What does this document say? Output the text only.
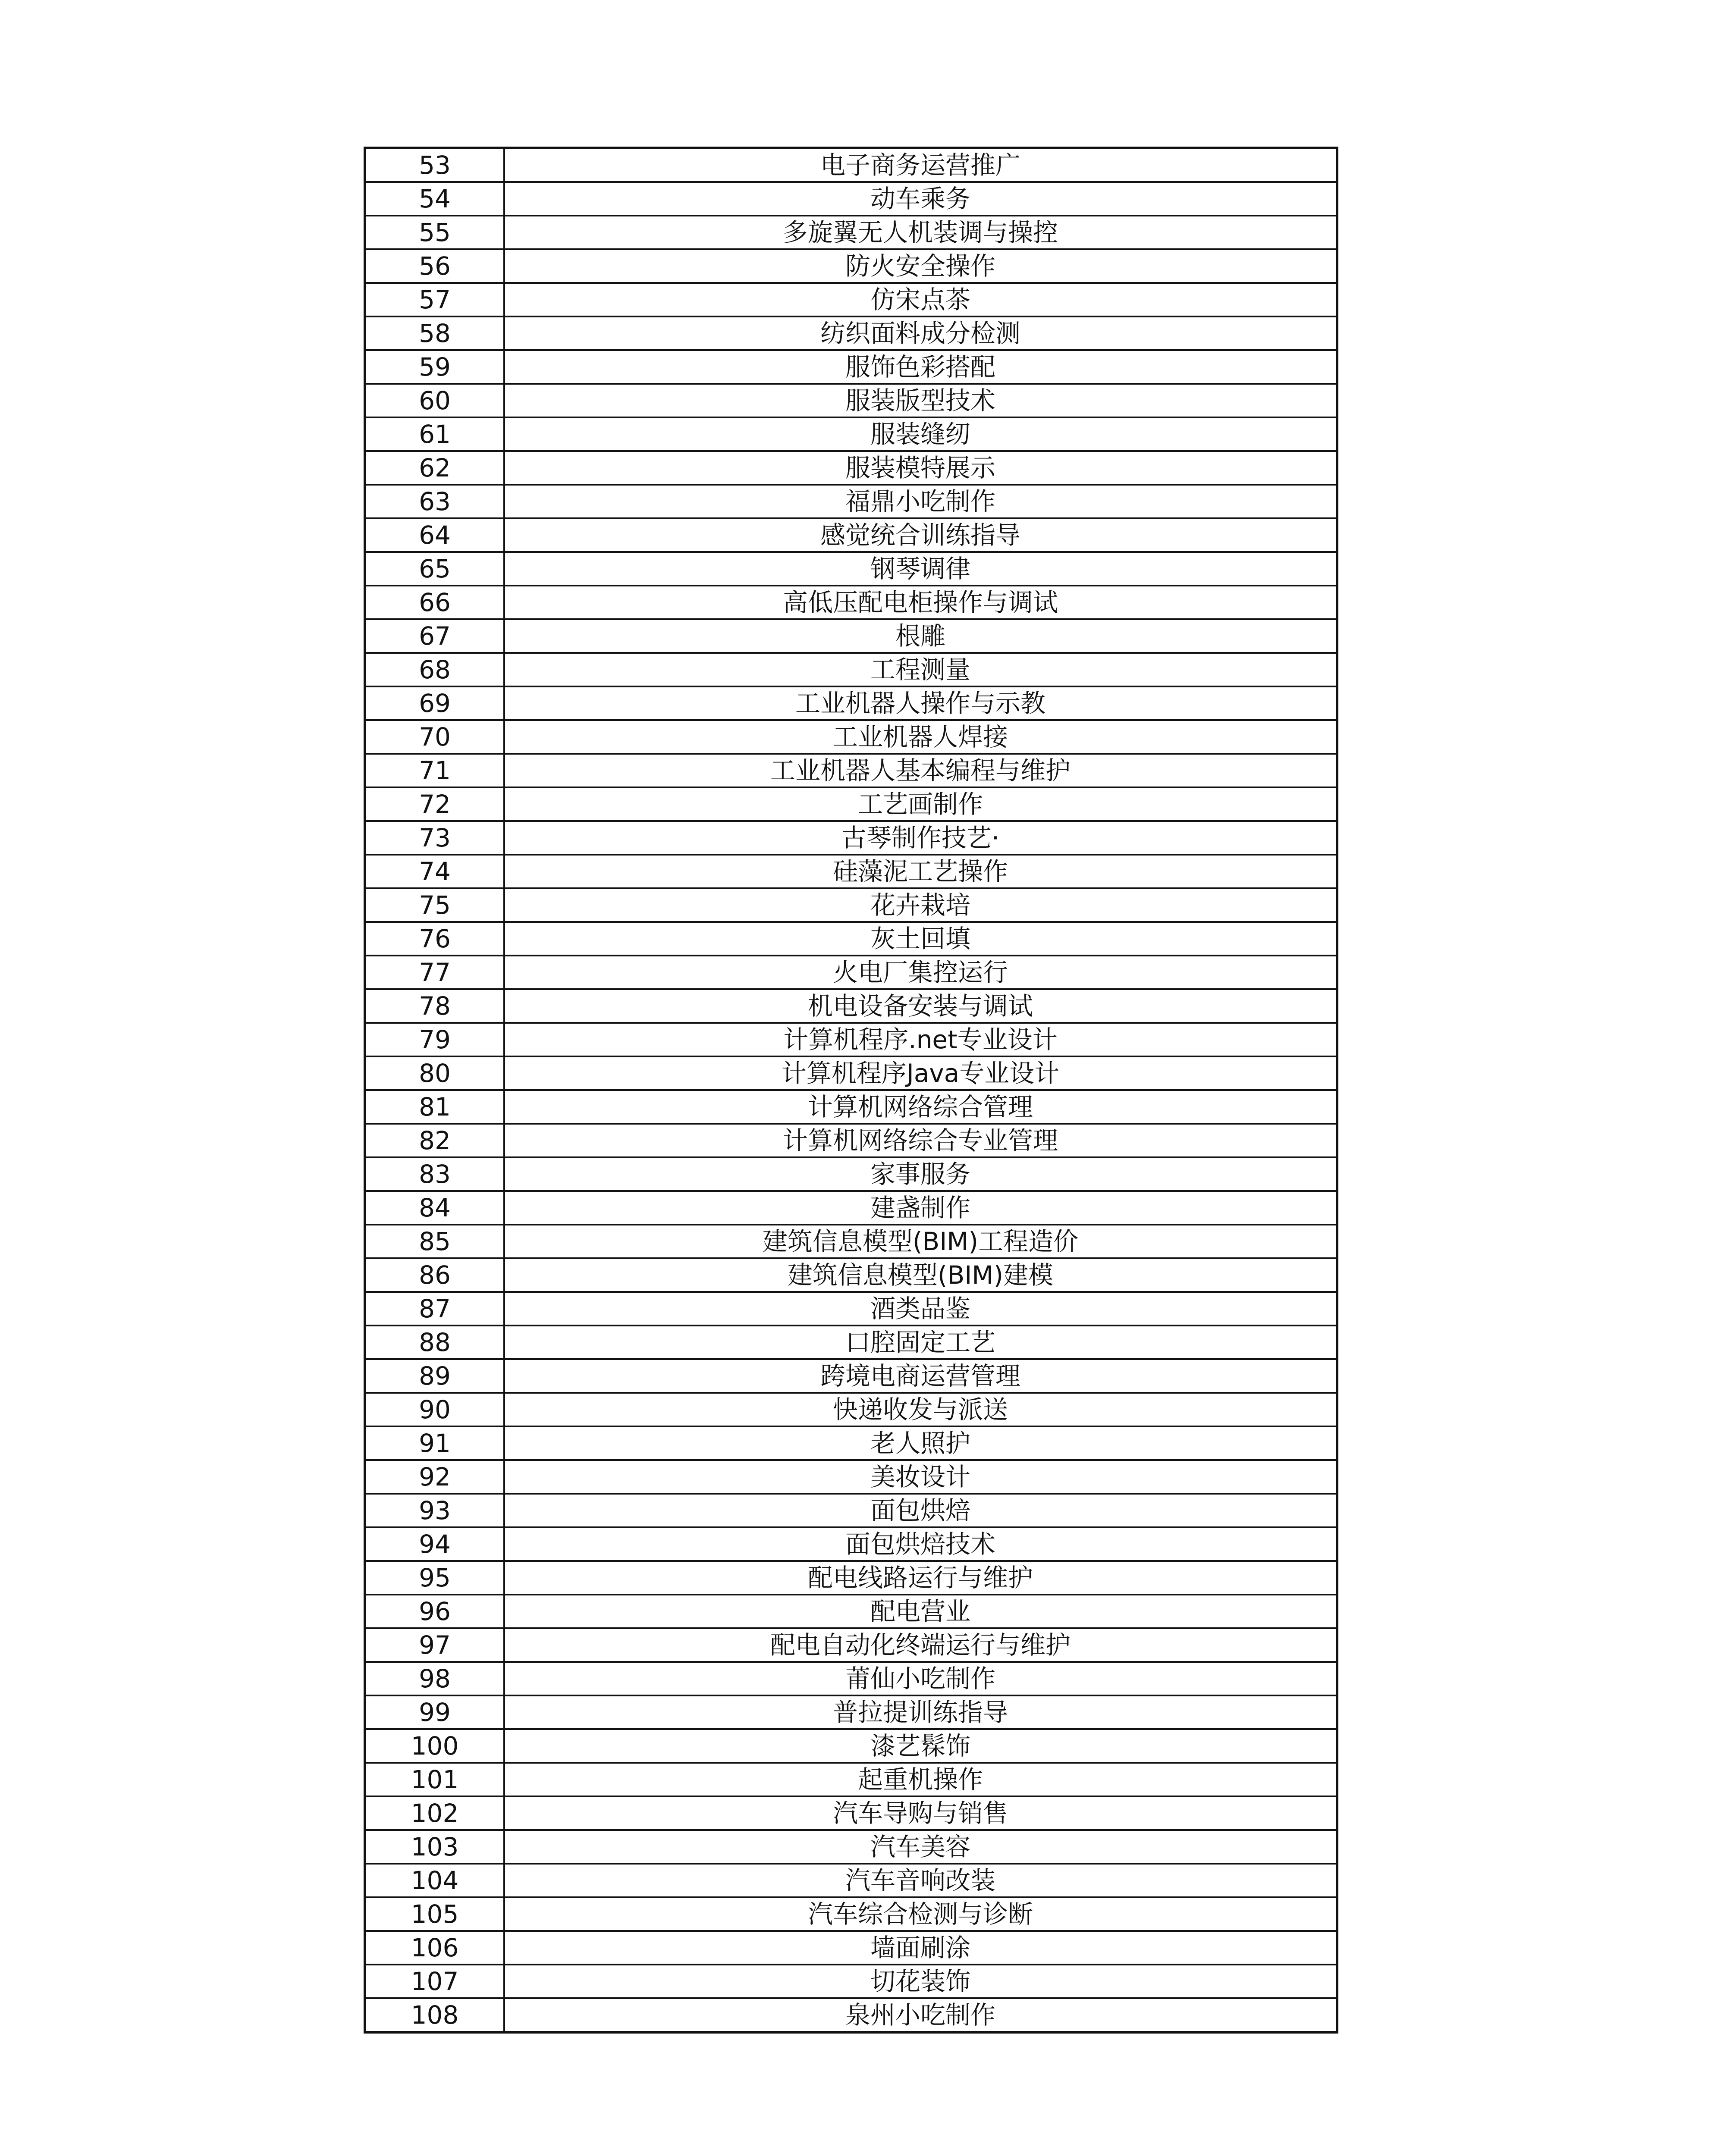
53	电子商务运营推广
54	动车乘务
55	多旋翼无人机装调与操控
56	防火安全操作
57	仿宋点茶
58	纺织面料成分检测
59	服饰色彩搭配
60	服装版型技术
61	服装缝纫
62	服装模特展示
63	福鼎小吃制作
64	感觉统合训练指导
65	钢琴调律
66	高低压配电柜操作与调试
67	根雕
68	工程测量
69	工业机器人操作与示教
70	工业机器人焊接
71	工业机器人基本编程与维护
72	工艺画制作
73	古琴制作技艺·
74	硅藻泥工艺操作
75	花卉栽培
76	灰土回填
77	火电厂集控运行
78	机电设备安装与调试
79	计算机程序.net专业设计
80	计算机程序Java专业设计
81	计算机网络综合管理
82	计算机网络综合专业管理
83	家事服务
84	建盏制作
85	建筑信息模型(BIM)工程造价
86	建筑信息模型(BIM)建模
87	酒类品鉴
88	口腔固定工艺
89	跨境电商运营管理
90	快递收发与派送
91	老人照护
92	美妆设计
93	面包烘焙
94	面包烘焙技术
95	配电线路运行与维护
96	配电营业
97	配电自动化终端运行与维护
98	莆仙小吃制作
99	普拉提训练指导
100	漆艺髹饰
101	起重机操作
102	汽车导购与销售
103	汽车美容
104	汽车音响改装
105	汽车综合检测与诊断
106	墙面刷涂
107	切花装饰
108	泉州小吃制作
